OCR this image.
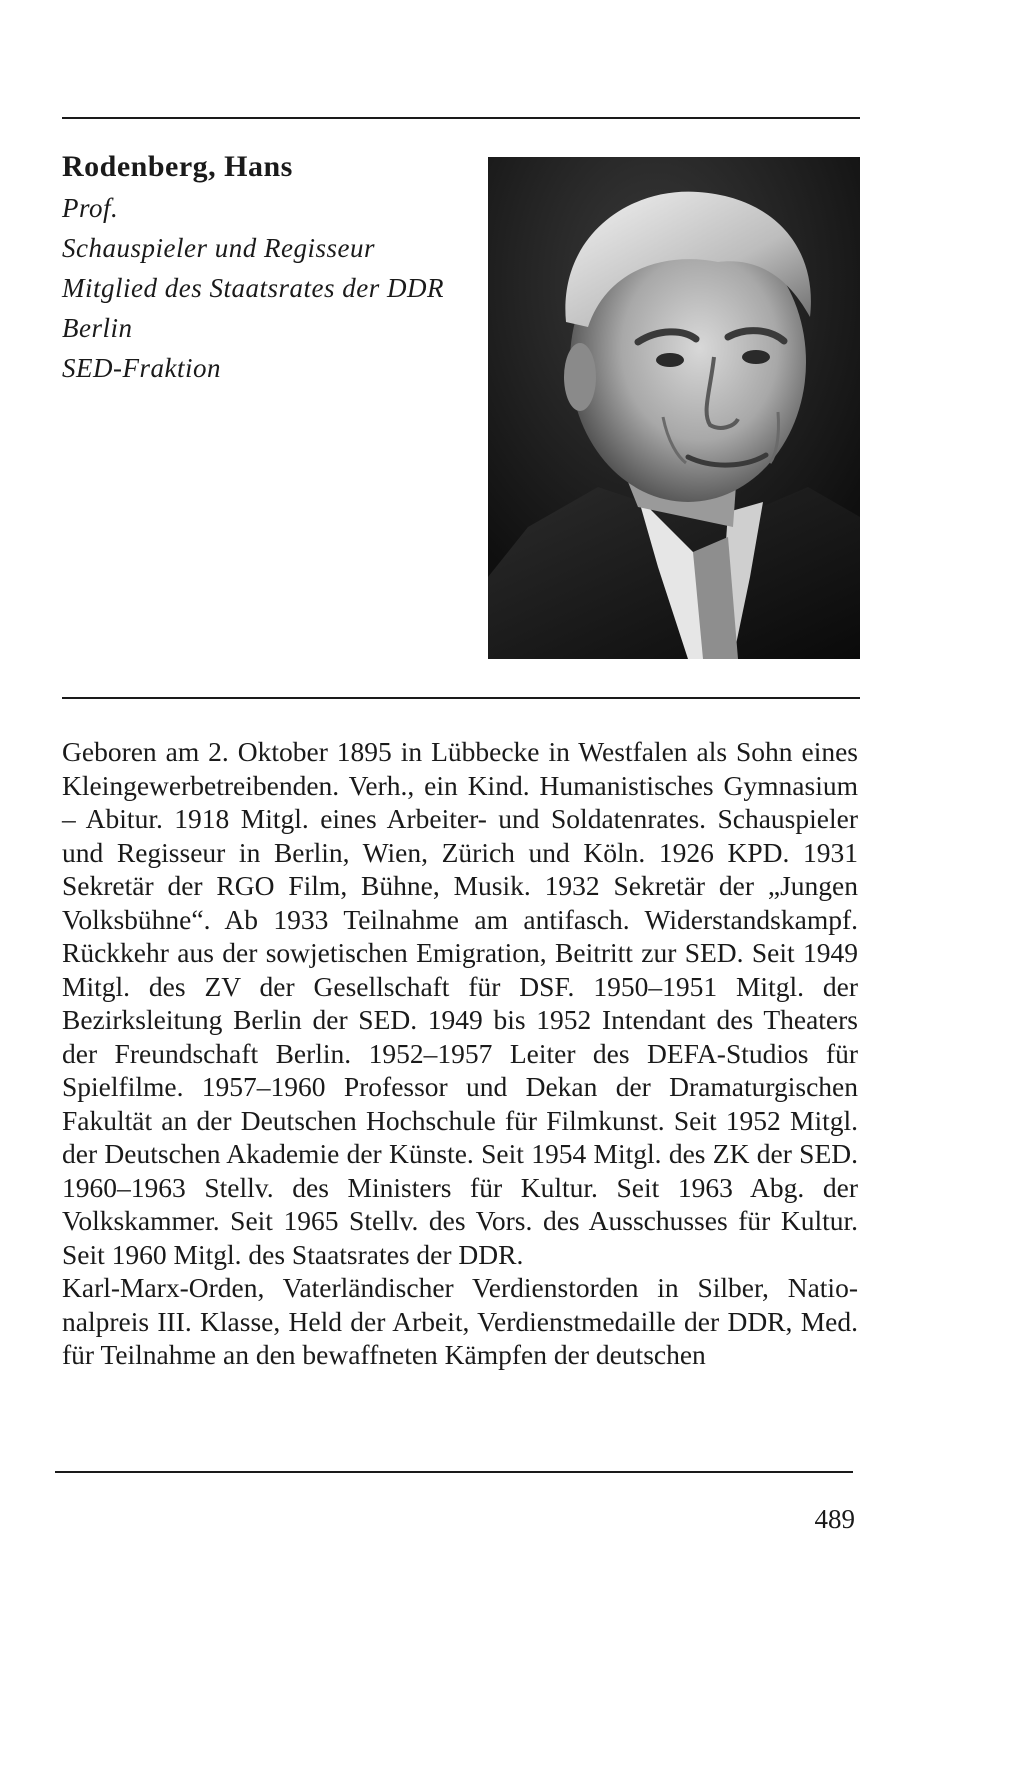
Rodenberg, Hans
Prof.
Schauspieler und Regisseur
Mitglied des Staatsrates der DDR
Berlin
SED-Fraktion

Geboren am 2. Oktober 1895 in Lübbecke in Westfalen als Sohn eines Kleingewerbetreibenden. Verh., ein Kind. Humanistisches Gymnasium – Abitur. 1918 Mitgl. eines Arbeiter- und Soldatenrates. Schauspieler und Regisseur in Berlin, Wien, Zürich und Köln. 1926 KPD. 1931 Sekretär der RGO Film, Bühne, Musik. 1932 Sekretär der „Jungen Volksbühne“. Ab 1933 Teilnahme am antifasch. Widerstandskampf. Rückkehr aus der sowjetischen Emigration, Beitritt zur SED. Seit 1949 Mitgl. des ZV der Gesellschaft für DSF. 1950–1951 Mitgl. der Bezirksleitung Berlin der SED. 1949 bis 1952 Intendant des Theaters der Freundschaft Berlin. 1952–1957 Leiter des DEFA-Studios für Spielfilme. 1957–1960 Professor und Dekan der Dramaturgischen Fakultät an der Deutschen Hochschule für Filmkunst. Seit 1952 Mitgl. der Deutschen Akademie der Künste. Seit 1954 Mitgl. des ZK der SED. 1960–1963 Stellv. des Ministers für Kultur. Seit 1963 Abg. der Volkskammer. Seit 1965 Stellv. des Vors. des Ausschusses für Kultur. Seit 1960 Mitgl. des Staatsrates der DDR.

Karl-Marx-Orden, Vaterländischer Verdienstorden in Silber, Nationalpreis III. Klasse, Held der Arbeit, Verdienstmedaille der DDR, Med. für Teilnahme an den bewaffneten Kämpfen der deutschen

489
